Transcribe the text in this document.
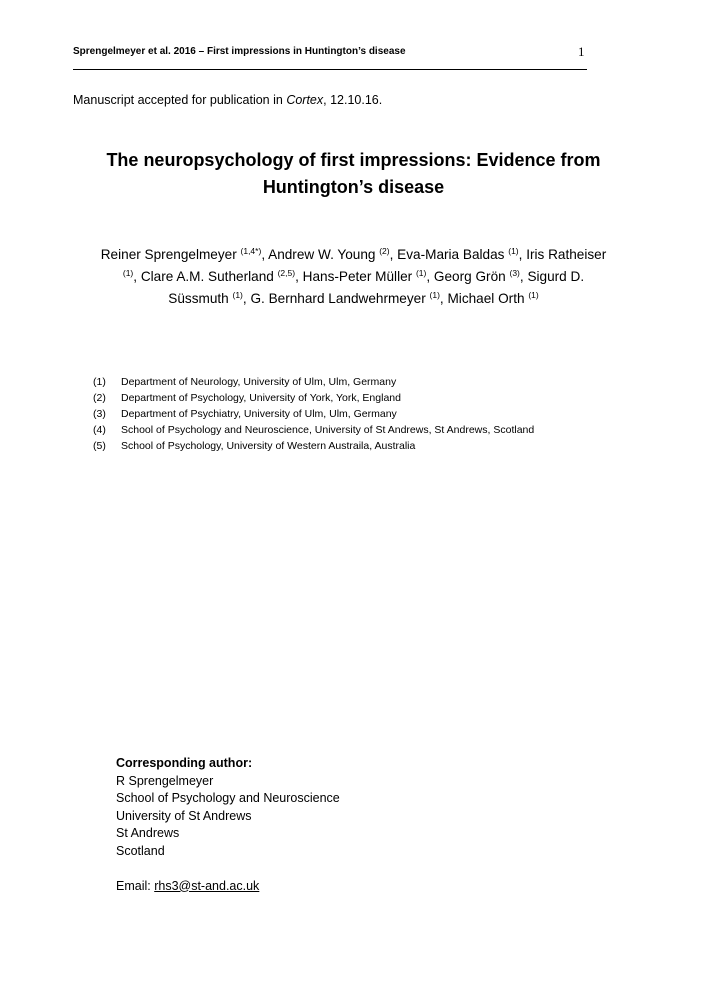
Sprengelmeyer et al. 2016 – First impressions in Huntington’s disease	1
Manuscript accepted for publication in Cortex, 12.10.16.
The neuropsychology of first impressions: Evidence from
Huntington’s disease
Reiner Sprengelmeyer $^{(1,4*)}$, Andrew W. Young $^{(2)}$, Eva-Maria Baldas $^{(1)}$, Iris Ratheiser
$^{(1)}$, Clare A.M. Sutherland $^{(2,5)}$, Hans-Peter Müller $^{(1)}$, Georg Grön $^{(3)}$, Sigurd D.
Süssmuth $^{(1)}$, G. Bernhard Landwehrmeyer $^{(1)}$, Michael Orth $^{(1)}$
(1) Department of Neurology, University of Ulm, Ulm, Germany
(2) Department of Psychology, University of York, York, England
(3) Department of Psychiatry, University of Ulm, Ulm, Germany
(4) School of Psychology and Neuroscience, University of St Andrews, St Andrews, Scotland
(5) School of Psychology, University of Western Austraila, Australia
Corresponding author:
R Sprengelmeyer
School of Psychology and Neuroscience
University of St Andrews
St Andrews
Scotland
Email: rhs3@st-and.ac.uk
